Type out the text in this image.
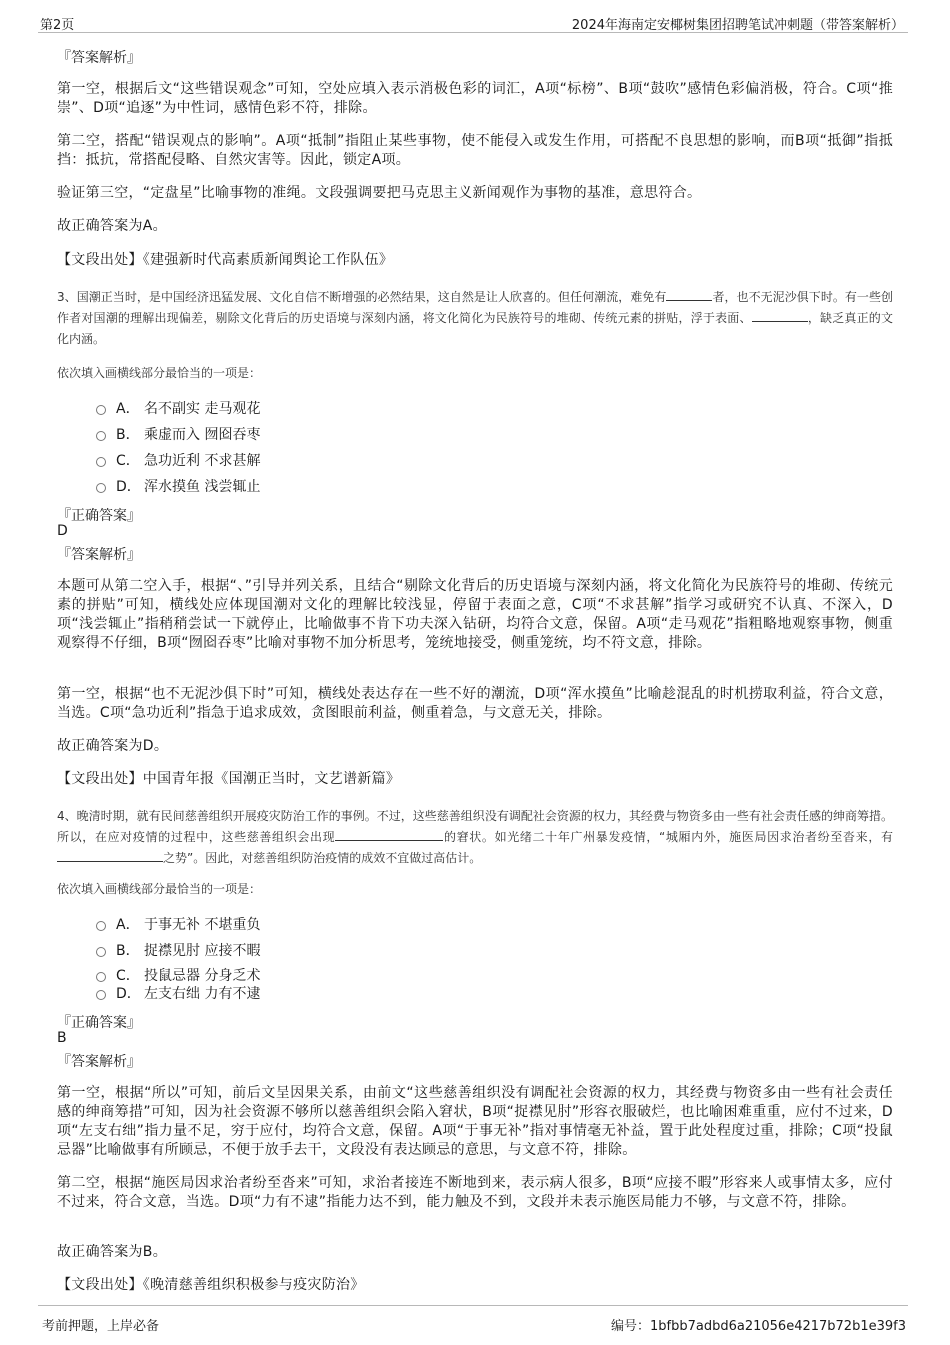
第2页	2024年海南定安椰树集团招聘笔试冲刺题（带答案解析）
『答案解析』
第一空，根据后文“这些错误观念”可知，空处应填入表示消极色彩的词汇，A项“标榜”、B项“鼓吹”感情色彩偏消极，符合。C项“推崇”、D项“追逐”为中性词，感情色彩不符，排除。
第二空，搭配“错误观点的影响”。A项“抵制”指阻止某些事物，使不能侵入或发生作用，可搭配不良思想的影响，而B项“抵御”指抵挡：抵抗，常搭配侵略、自然灾害等。因此，锁定A项。
验证第三空，“定盘星”比喻事物的准绳。文段强调要把马克思主义新闻观作为事物的基准，意思符合。
故正确答案为A。
【文段出处】《建强新时代高素质新闻舆论工作队伍》
3、国潮正当时，是中国经济迅猛发展、文化自信不断增强的必然结果，这自然是让人欣喜的。但任何潮流，难免有	者，也不无泥沙俱下时。有一些创作者对国潮的理解出现偏差，剔除文化背后的历史语境与深刻内涵，将文化简化为民族符号的堆砌、传统元素的拼贴，浮于表面、	，缺乏真正的文化内涵。
依次填入画横线部分最恰当的一项是：
A． 名不副实 走马观花
B． 乘虚而入 囫囵吞枣
C． 急功近利 不求甚解
D． 浑水摸鱼 浅尝辄止
『正确答案』
D
『答案解析』
本题可从第二空入手，根据“、”引导并列关系，且结合“剔除文化背后的历史语境与深刻内涵，将文化简化为民族符号的堆砌、传统元素的拼贴”可知，横线处应体现国潮对文化的理解比较浅显，停留于表面之意，C项“不求甚解”指学习或研究不认真、不深入，D项“浅尝辄止”指稍稍尝试一下就停止，比喻做事不肯下功夫深入钻研，均符合文意，保留。A项“走马观花”指粗略地观察事物，侧重观察得不仔细，B项“囫囵吞枣”比喻对事物不加分析思考，笼统地接受，侧重笼统，均不符文意，排除。
第一空，根据“也不无泥沙俱下时”可知，横线处表达存在一些不好的潮流，D项“浑水摸鱼”比喻趁混乱的时机捞取利益，符合文意，当选。C项“急功近利”指急于追求成效，贪图眼前利益，侧重着急，与文意无关，排除。
故正确答案为D。
【文段出处】中国青年报《国潮正当时，文艺谱新篇》
4、晚清时期，就有民间慈善组织开展疫灾防治工作的事例。不过，这些慈善组织没有调配社会资源的权力，其经费与物资多由一些有社会责任感的绅商筹措。所以，在应对疫情的过程中，这些慈善组织会出现	的窘状。如光绪二十年广州暴发疫情，“城厢内外，施医局因求治者纷至沓来，有之势”。因此，对慈善组织防治疫情的成效不宜做过高估计。
依次填入画横线部分最恰当的一项是：
A． 于事无补 不堪重负
B． 捉襟见肘 应接不暇
C． 投鼠忌器 分身乏术
D． 左支右绌 力有不逮
『正确答案』
B
『答案解析』
第一空，根据“所以”可知，前后文呈因果关系，由前文“这些慈善组织没有调配社会资源的权力，其经费与物资多由一些有社会责任感的绅商筹措”可知，因为社会资源不够所以慈善组织会陷入窘状，B项“捉襟见肘”形容衣服破烂，也比喻困难重重，应付不过来，D项“左支右绌”指力量不足，穷于应付，均符合文意，保留。A项“于事无补”指对事情毫无补益，置于此处程度过重，排除；C项“投鼠忌器”比喻做事有所顾忌，不便于放手去干，文段没有表达顾忌的意思，与文意不符，排除。
第二空，根据“施医局因求治者纷至沓来”可知，求治者接连不断地到来，表示病人很多，B项“应接不暇”形容来人或事情太多，应付不过来，符合文意，当选。D项“力有不逮”指能力达不到，能力触及不到，文段并未表示施医局能力不够，与文意不符，排除。
故正确答案为B。
【文段出处】《晚清慈善组织积极参与疫灾防治》
考前押题，上岸必备	编号：1bfbb7adbd6a21056e4217b72b1e39f3
